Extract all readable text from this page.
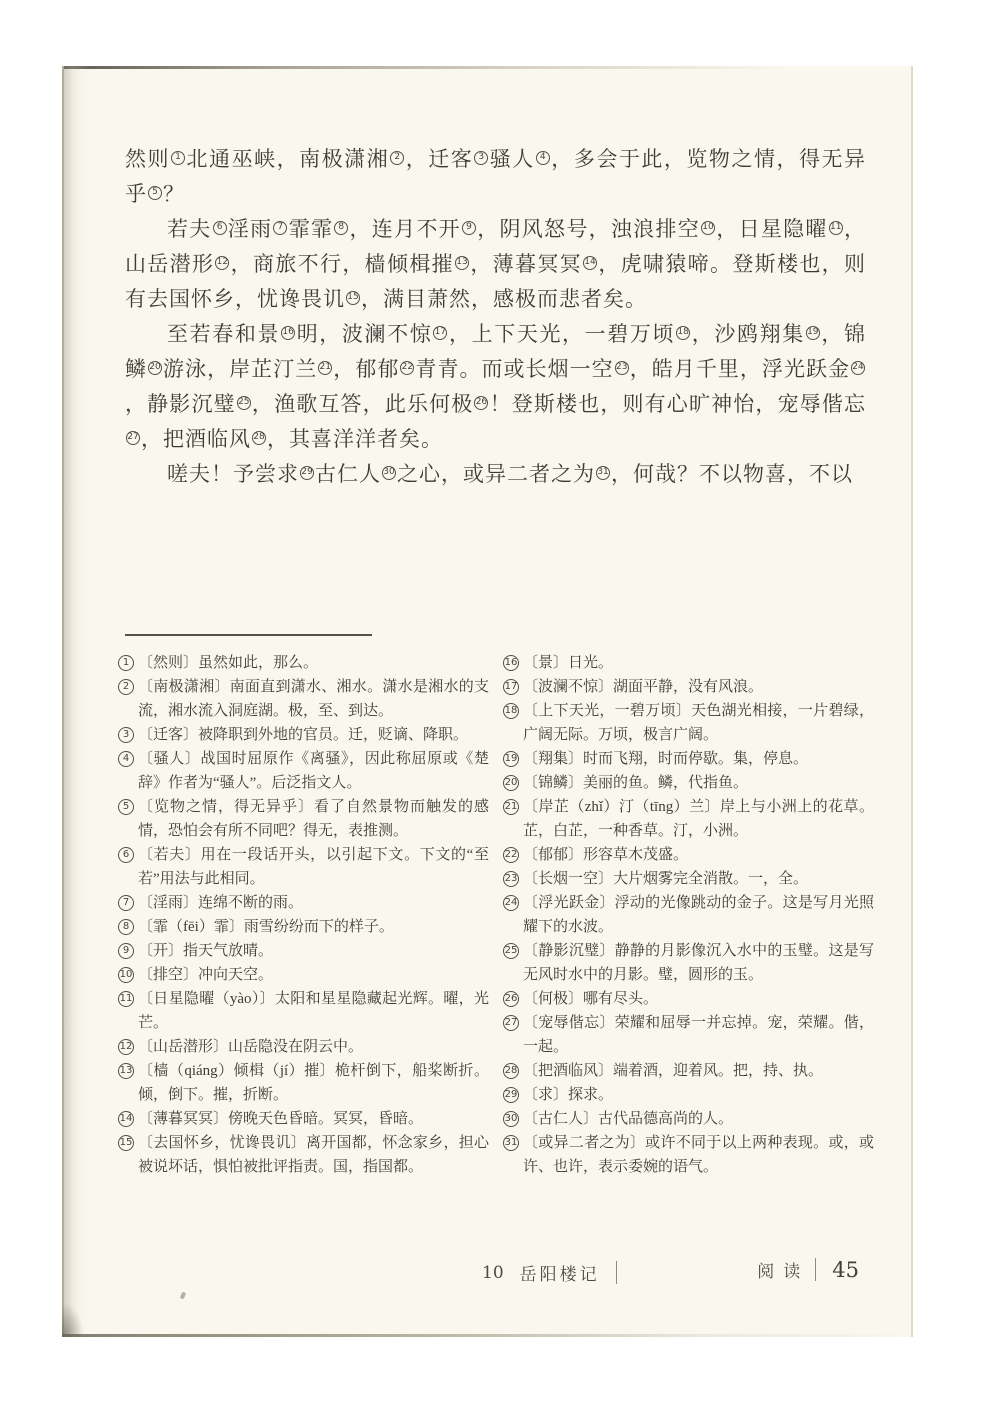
然则 1 北通巫峡，南极潇湘 2 ，迁客 3 骚人 4 ，多会于此，览物之情，得无异乎 5 ？

若夫 6 淫雨 7 霏霏 8 ，连月不开 9 ，阴风怒号，浊浪排空 10 ，日星隐曜 11 ，山岳潜形 12 ，商旅不行，樯倾楫摧 13 ，薄暮冥冥 14 ，虎啸猿啼。登斯楼也，则有去国怀乡，忧谗畏讥 15 ，满目萧然，感极而悲者矣。

至若春和景 16 明，波澜不惊 17 ，上下天光，一碧万顷 18 ，沙鸥翔集 19 ，锦鳞 20 游泳，岸芷汀兰 21 ，郁郁 22 青青。而或长烟一空 23 ，皓月千里，浮光跃金 24，静影沉璧 25 ，渔歌互答，此乐何极 26 ！登斯楼也，则有心旷神怡，宠辱偕忘27 ，把酒临风 28 ，其喜洋洋者矣。

嗟夫！予尝求 29 古仁人 30 之心，或异二者之为 31 ，何哉？不以物喜，不以

1 〔然则〕虽然如此，那么。
2 〔南极潇湘〕南面直到潇水、湘水。潇水是湘水的支流，湘水流入洞庭湖。极，至、到达。
3 〔迁客〕被降职到外地的官员。迁，贬谪、降职。
4 〔骚人〕战国时屈原作《离骚》，因此称屈原或《楚辞》作者为“骚人”。后泛指文人。
5 〔览物之情，得无异乎〕看了自然景物而触发的感情，恐怕会有所不同吧？得无，表推测。
6 〔若夫〕用在一段话开头，以引起下文。下文的“至若”用法与此相同。
7 〔淫雨〕连绵不断的雨。
8 〔霏（fēi）霏〕雨雪纷纷而下的样子。
9 〔开〕指天气放晴。
10 〔排空〕冲向天空。
11 〔日星隐曜（yào）〕太阳和星星隐藏起光辉。曜，光芒。
12 〔山岳潜形〕山岳隐没在阴云中。
13 〔樯（qiáng）倾楫（jí）摧〕桅杆倒下，船桨断折。倾，倒下。摧，折断。
14 〔薄暮冥冥〕傍晚天色昏暗。冥冥，昏暗。
15 〔去国怀乡，忧谗畏讥〕离开国都，怀念家乡，担心被说坏话，惧怕被批评指责。国，指国都。
16 〔景〕日光。
17 〔波澜不惊〕湖面平静，没有风浪。
18 〔上下天光，一碧万顷〕天色湖光相接，一片碧绿，广阔无际。万顷，极言广阔。
19 〔翔集〕时而飞翔，时而停歇。集，停息。
20 〔锦鳞〕美丽的鱼。鳞，代指鱼。
21 〔岸芷（zhǐ）汀（tīng）兰〕岸上与小洲上的花草。芷，白芷，一种香草。汀，小洲。
22 〔郁郁〕形容草木茂盛。
23 〔长烟一空〕大片烟雾完全消散。一，全。
24 〔浮光跃金〕浮动的光像跳动的金子。这是写月光照耀下的水波。
25 〔静影沉璧〕静静的月影像沉入水中的玉璧。这是写无风时水中的月影。璧，圆形的玉。
26 〔何极〕哪有尽头。
27 〔宠辱偕忘〕荣耀和屈辱一并忘掉。宠，荣耀。偕，一起。
28 〔把酒临风〕端着酒，迎着风。把，持、执。
29 〔求〕探求。
30 〔古仁人〕古代品德高尚的人。
31 〔或异二者之为〕或许不同于以上两种表现。或，或许、也许，表示委婉的语气。
10 岳阳楼记	阅读 45
